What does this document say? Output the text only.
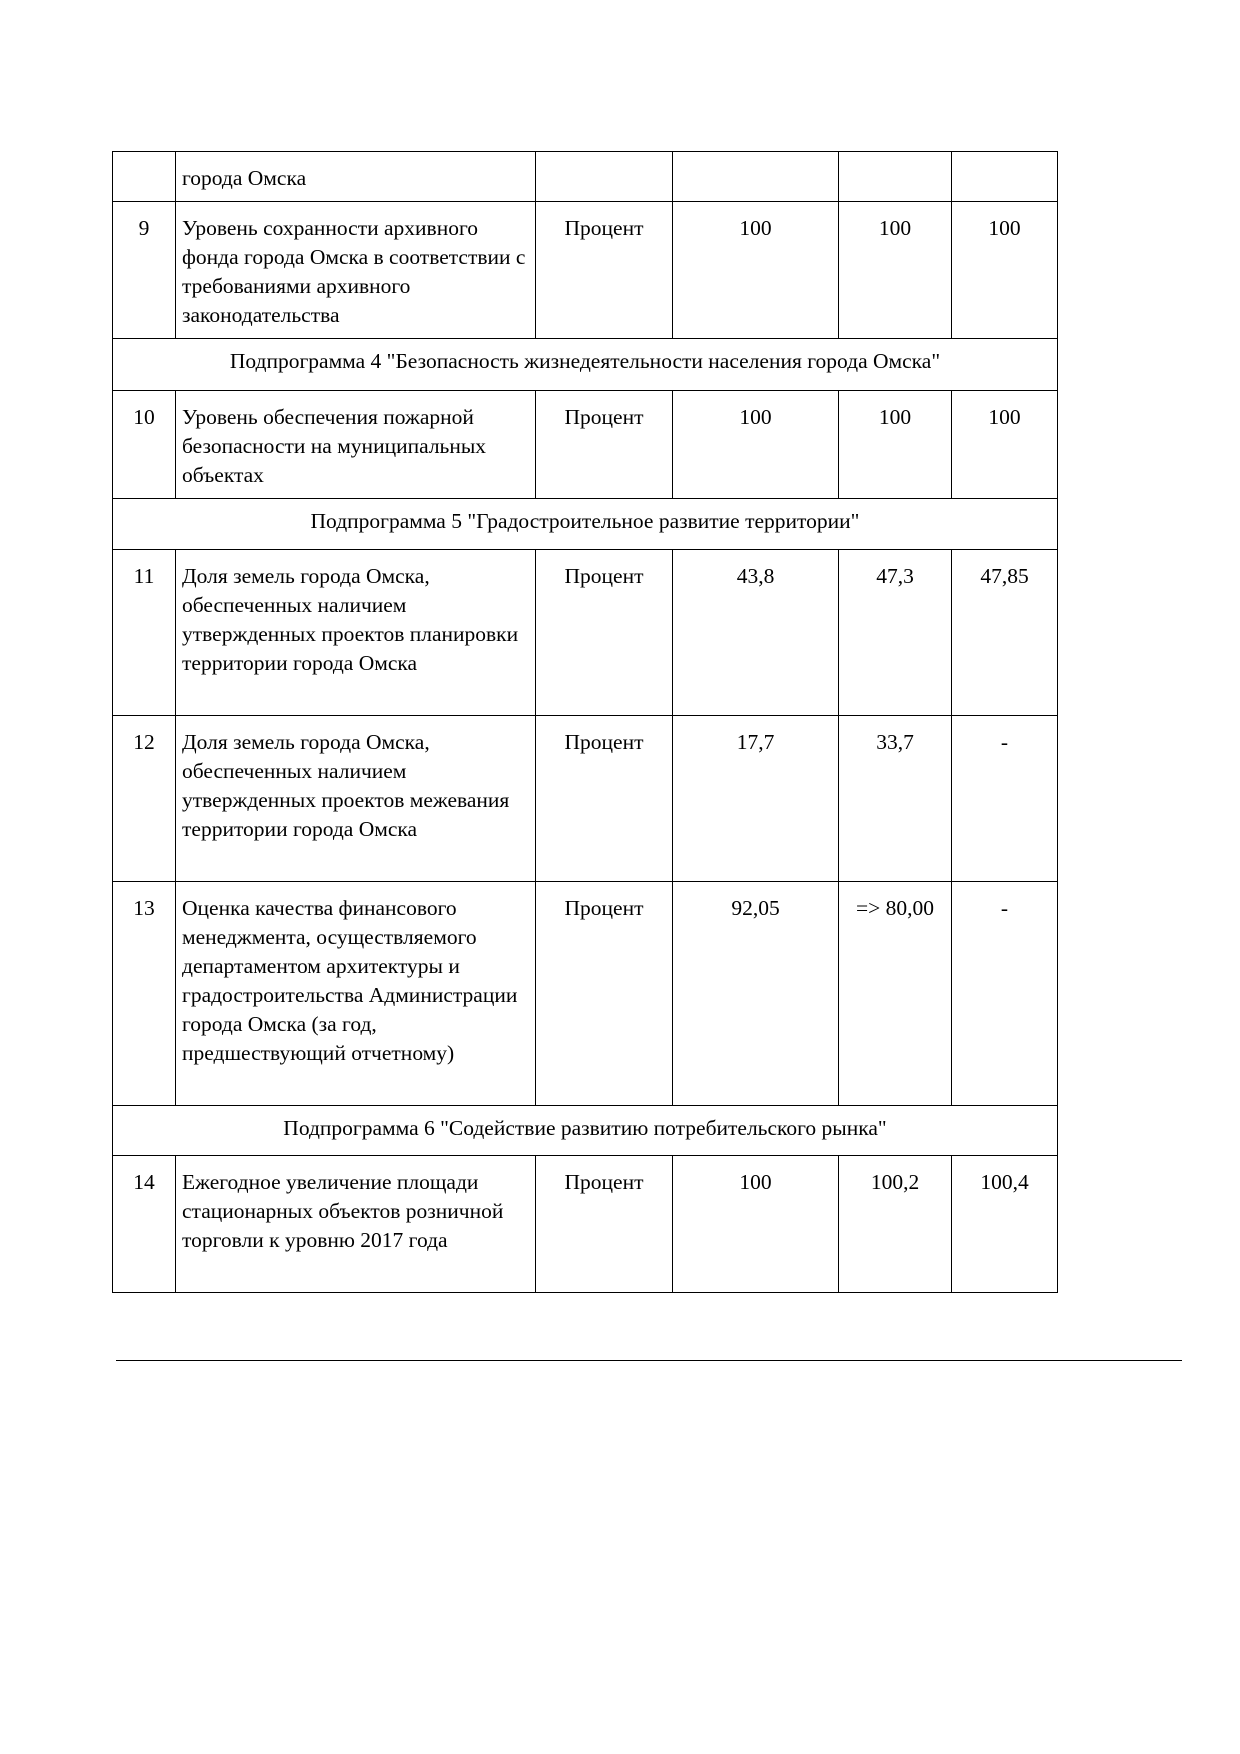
	города Омска				
9	Уровень сохранности архивного фонда города Омска в соответствии с требованиями архивного законодательства	Процент	100	100	100
Подпрограмма 4 "Безопасность жизнедеятельности населения города Омска"					
10	Уровень обеспечения пожарной безопасности на муниципальных объектах	Процент	100	100	100
Подпрограмма 5 "Градостроительное развитие территории"					
11	Доля земель города Омска, обеспеченных наличием утвержденных проектов планировки территории города Омска	Процент	43,8	47,3	47,85
12	Доля земель города Омска, обеспеченных наличием утвержденных проектов межевания территории города Омска	Процент	17,7	33,7	-
13	Оценка качества финансового менеджмента, осуществляемого департаментом архитектуры и градостроительства Администрации города Омска (за год, предшествующий отчетному)	Процент	92,05	=> 80,00	-
Подпрограмма 6 "Содействие развитию потребительского рынка"					
14	Ежегодное увеличение площади стационарных объектов розничной торговли к уровню 2017 года	Процент	100	100,2	100,4
